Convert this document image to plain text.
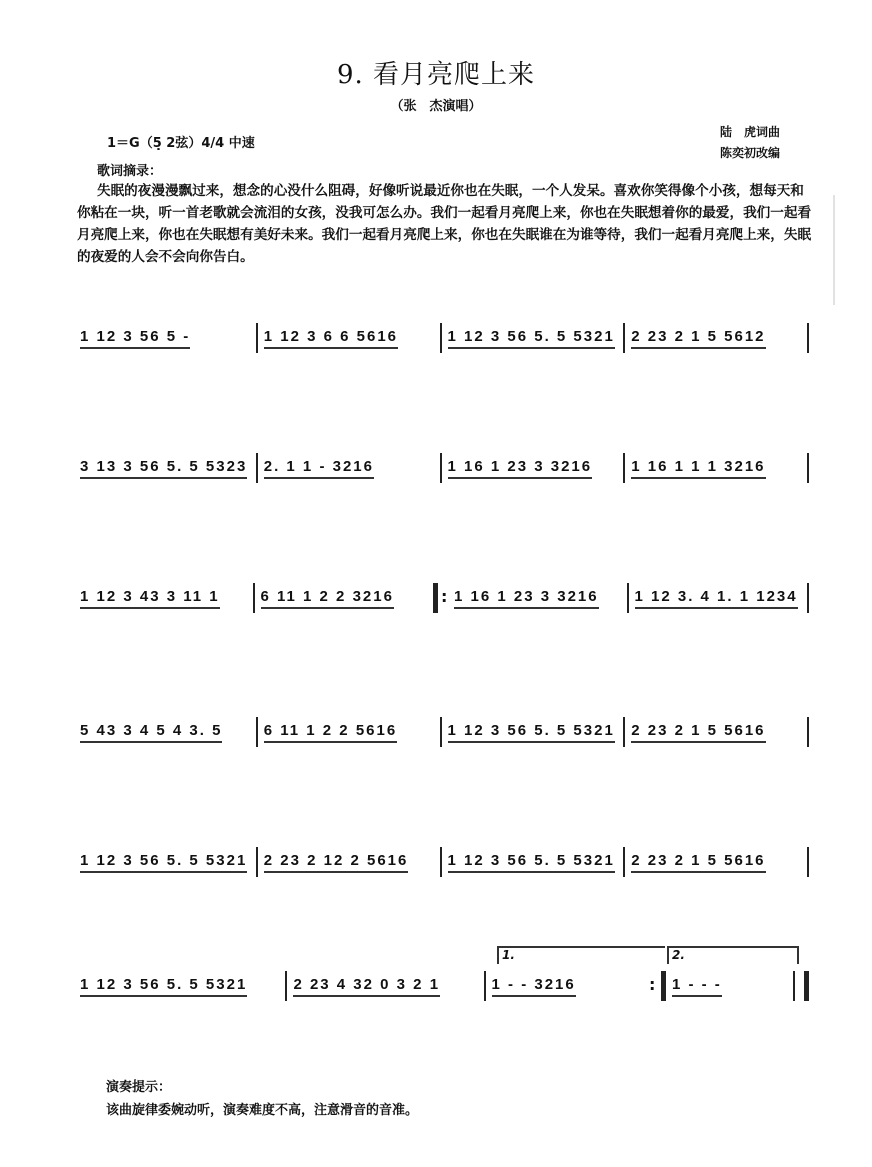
9. 看月亮爬上来
（张　杰演唱）
1＝G（5̣ 2弦）4/4 中速
陆　虎词曲
陈奕初改编
歌词摘录：
失眠的夜漫漫飘过来，想念的心没什么阻碍，好像听说最近你也在失眠，一个人发呆。喜欢你笑得像个小孩，想每天和你粘在一块，听一首老歌就会流泪的女孩，没我可怎么办。我们一起看月亮爬上来，你也在失眠想着你的最爱，我们一起看月亮爬上来，你也在失眠想有美好未来。我们一起看月亮爬上来，你也在失眠谁在为谁等待，我们一起看月亮爬上来，失眠的夜爱的人会不会向你告白。
1 12 3 56 5 -	1 12 3 6 6 5616	1 12 3 56 5. 5 5321 2 23 2 1 5 5612
3 13 3 56 5. 5 5323 2. 1 1 - 3216	1 16 1 23 3 3216	1 16 1 1 1 3216
1 12 3 43 3 11 1	6 11 1 2 2 3216 :	1 16 1 23 3 3216 1 12 3. 4 1. 1 1234
5 43 3 4 5 4 3. 5	6 11 1 2 2 5616	1 12 3 56 5. 5 5321 2 23 2 1 5 5616
1 12 3 56 5. 5 5321 2 23 2 12 2 5616	1 12 3 56 5. 5 5321 2 23 2 1 5 5616
1.	2.
1 12 3 56 5. 5 5321	2 23 4 32 0 3 2 1	1 - - 3216 :	1 - - -
演奏提示：
该曲旋律委婉动听，演奏难度不高，注意滑音的音准。
